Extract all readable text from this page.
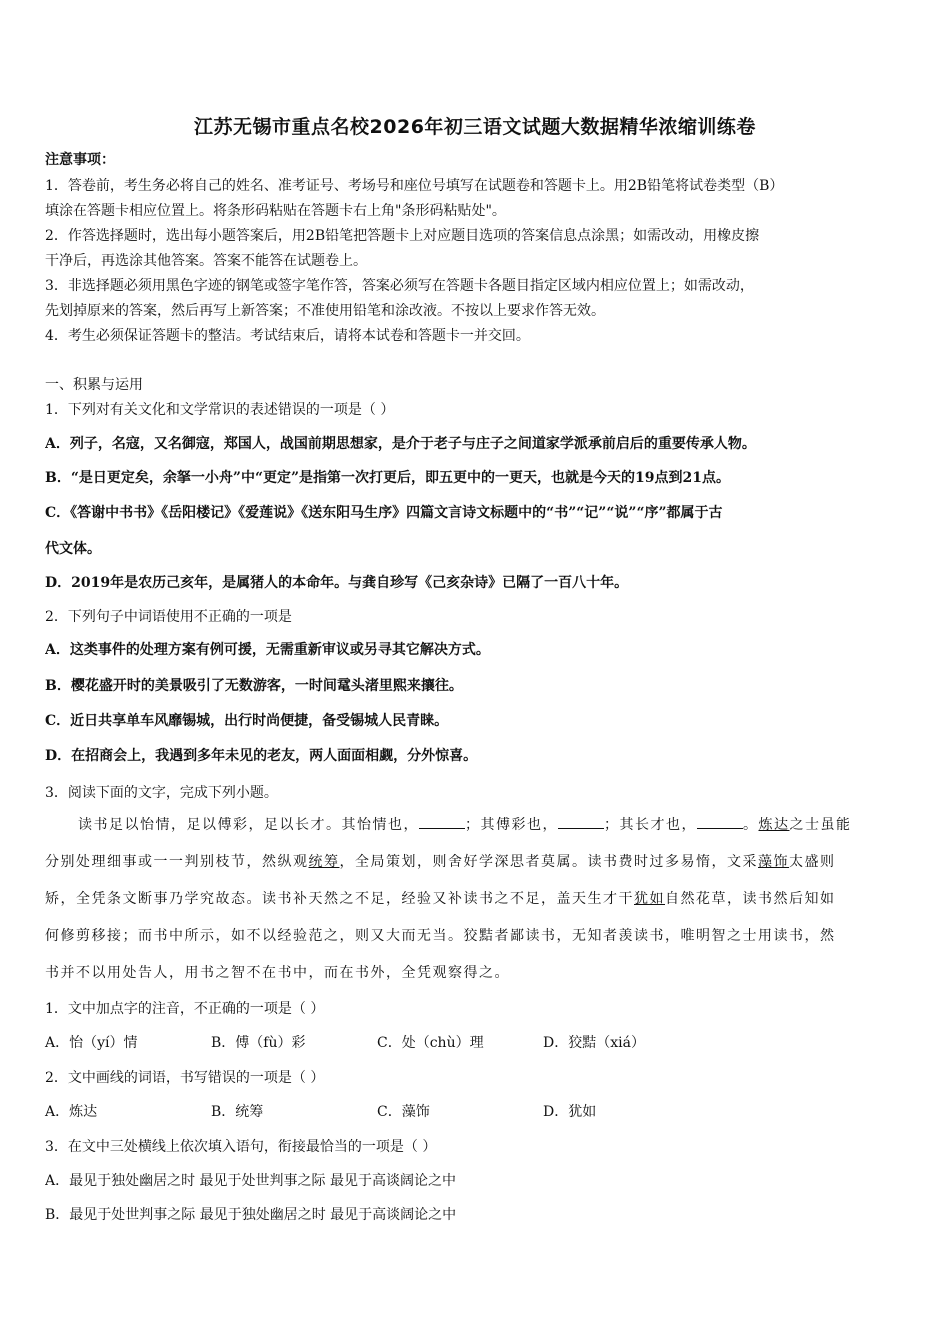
江苏无锡市重点名校2026年初三语文试题大数据精华浓缩训练卷
注意事项：
1．答卷前，考生务必将自己的姓名、准考证号、考场号和座位号填写在试题卷和答题卡上。用2B铅笔将试卷类型（B）
填涂在答题卡相应位置上。将条形码粘贴在答题卡右上角"条形码粘贴处"。
2．作答选择题时，选出每小题答案后，用2B铅笔把答题卡上对应题目选项的答案信息点涂黑；如需改动，用橡皮擦
干净后，再选涂其他答案。答案不能答在试题卷上。
3．非选择题必须用黑色字迹的钢笔或签字笔作答，答案必须写在答题卡各题目指定区域内相应位置上；如需改动，
先划掉原来的答案，然后再写上新答案；不准使用铅笔和涂改液。不按以上要求作答无效。
4．考生必须保证答题卡的整洁。考试结束后，请将本试卷和答题卡一并交回。
一、积累与运用
1．下列对有关文化和文学常识的表述错误的一项是（ ）
A．列子，名寇，又名御寇，郑国人，战国前期思想家，是介于老子与庄子之间道家学派承前启后的重要传承人物。
B．“是日更定矣，余拏一小舟”中“更定”是指第一次打更后，即五更中的一更天，也就是今天的19点到21点。
C．《答谢中书书》《岳阳楼记》《爱莲说》《送东阳马生序》四篇文言诗文标题中的“书”“记”“说”“序”都属于古
代文体。
D．2019年是农历己亥年，是属猪人的本命年。与龚自珍写《己亥杂诗》已隔了一百八十年。
2．下列句子中词语使用不正确的一项是
A．这类事件的处理方案有例可援，无需重新审议或另寻其它解决方式。
B．樱花盛开时的美景吸引了无数游客，一时间鼋头渚里熙来攘往。
C．近日共享单车风靡锡城，出行时尚便捷，备受锡城人民青睐。
D．在招商会上，我遇到多年未见的老友，两人面面相觑，分外惊喜。
3．阅读下面的文字，完成下列小题。
读书足以怡情，足以傅彩，足以长才。其怡情也，	；其傅彩也，	；其长才也，	。炼达之士虽能
分别处理细事或一一判别枝节，然纵观统筹，全局策划，则舍好学深思者莫属。读书费时过多易惰，文采藻饰太盛则
矫，全凭条文断事乃学究故态。读书补天然之不足，经验又补读书之不足，盖天生才干犹如自然花草，读书然后知如
何修剪移接；而书中所示，如不以经验范之，则又大而无当。狡黠者鄙读书，无知者羡读书，唯明智之士用读书，然
书并不以用处告人，用书之智不在书中，而在书外，全凭观察得之。
1．文中加点字的注音，不正确的一项是（ ）
A．怡（yí）情	B．傅（fù）彩	C．处（chù）理	D．狡黠（xiá）
2．文中画线的词语，书写错误的一项是（ ）
A．炼达	B．统筹	C．藻饰	D．犹如
3．在文中三处横线上依次填入语句，衔接最恰当的一项是（ ）
A．最见于独处幽居之时 最见于处世判事之际 最见于高谈阔论之中
B．最见于处世判事之际 最见于独处幽居之时 最见于高谈阔论之中
